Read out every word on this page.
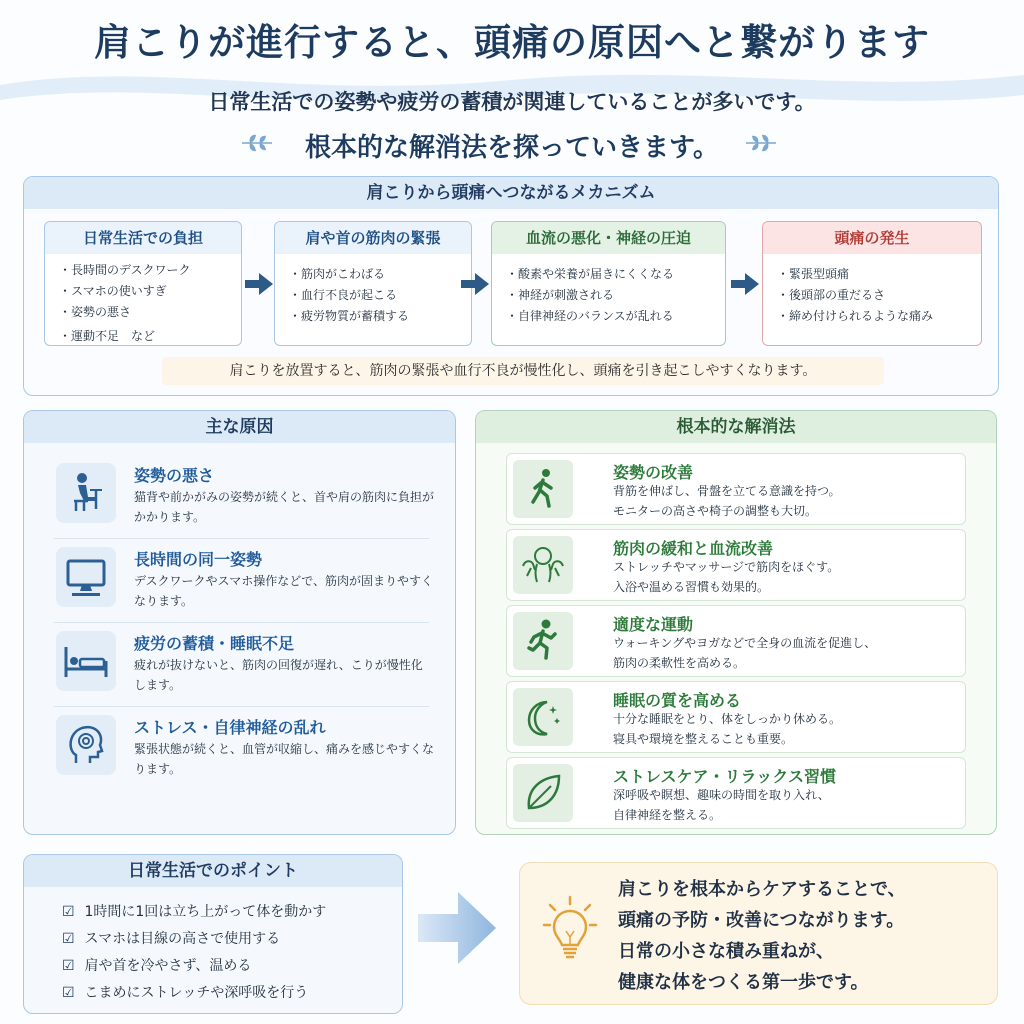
肩こりが進行すると、頭痛の原因へと繋がります
日常生活での姿勢や疲労の蓄積が関連していることが多いです。
根本的な解消法を探っていきます。
肩こりから頭痛へつながるメカニズム
日常生活での負担
・長時間のデスクワーク
・スマホの使いすぎ
・姿勢の悪さ
・運動不足　など
肩や首の筋肉の緊張
・筋肉がこわばる
・血行不良が起こる
・疲労物質が蓄積する
血流の悪化・神経の圧迫
・酸素や栄養が届きにくくなる
・神経が刺激される
・自律神経のバランスが乱れる
頭痛の発生
・緊張型頭痛
・後頭部の重だるさ
・締め付けられるような痛み
肩こりを放置すると、筋肉の緊張や血行不良が慢性化し、頭痛を引き起こしやすくなります。
主な原因
姿勢の悪さ
猫背や前かがみの姿勢が続くと、首や肩の筋肉に負担がかかります。
長時間の同一姿勢
デスクワークやスマホ操作などで、筋肉が固まりやすくなります。
疲労の蓄積・睡眠不足
疲れが抜けないと、筋肉の回復が遅れ、こりが慢性化します。
ストレス・自律神経の乱れ
緊張状態が続くと、血管が収縮し、痛みを感じやすくなります。
根本的な解消法
姿勢の改善
背筋を伸ばし、骨盤を立てる意識を持つ。
モニターの高さや椅子の調整も大切。
筋肉の緩和と血流改善
ストレッチやマッサージで筋肉をほぐす。
入浴や温める習慣も効果的。
適度な運動
ウォーキングやヨガなどで全身の血流を促進し、
筋肉の柔軟性を高める。
睡眠の質を高める
十分な睡眠をとり、体をしっかり休める。
寝具や環境を整えることも重要。
ストレスケア・リラックス習慣
深呼吸や瞑想、趣味の時間を取り入れ、
自律神経を整える。
日常生活でのポイント
☑ 1時間に1回は立ち上がって体を動かす
☑ スマホは目線の高さで使用する
☑ 肩や首を冷やさず、温める
☑ こまめにストレッチや深呼吸を行う
肩こりを根本からケアすることで、
頭痛の予防・改善につながります。
日常の小さな積み重ねが、
健康な体をつくる第一歩です。
